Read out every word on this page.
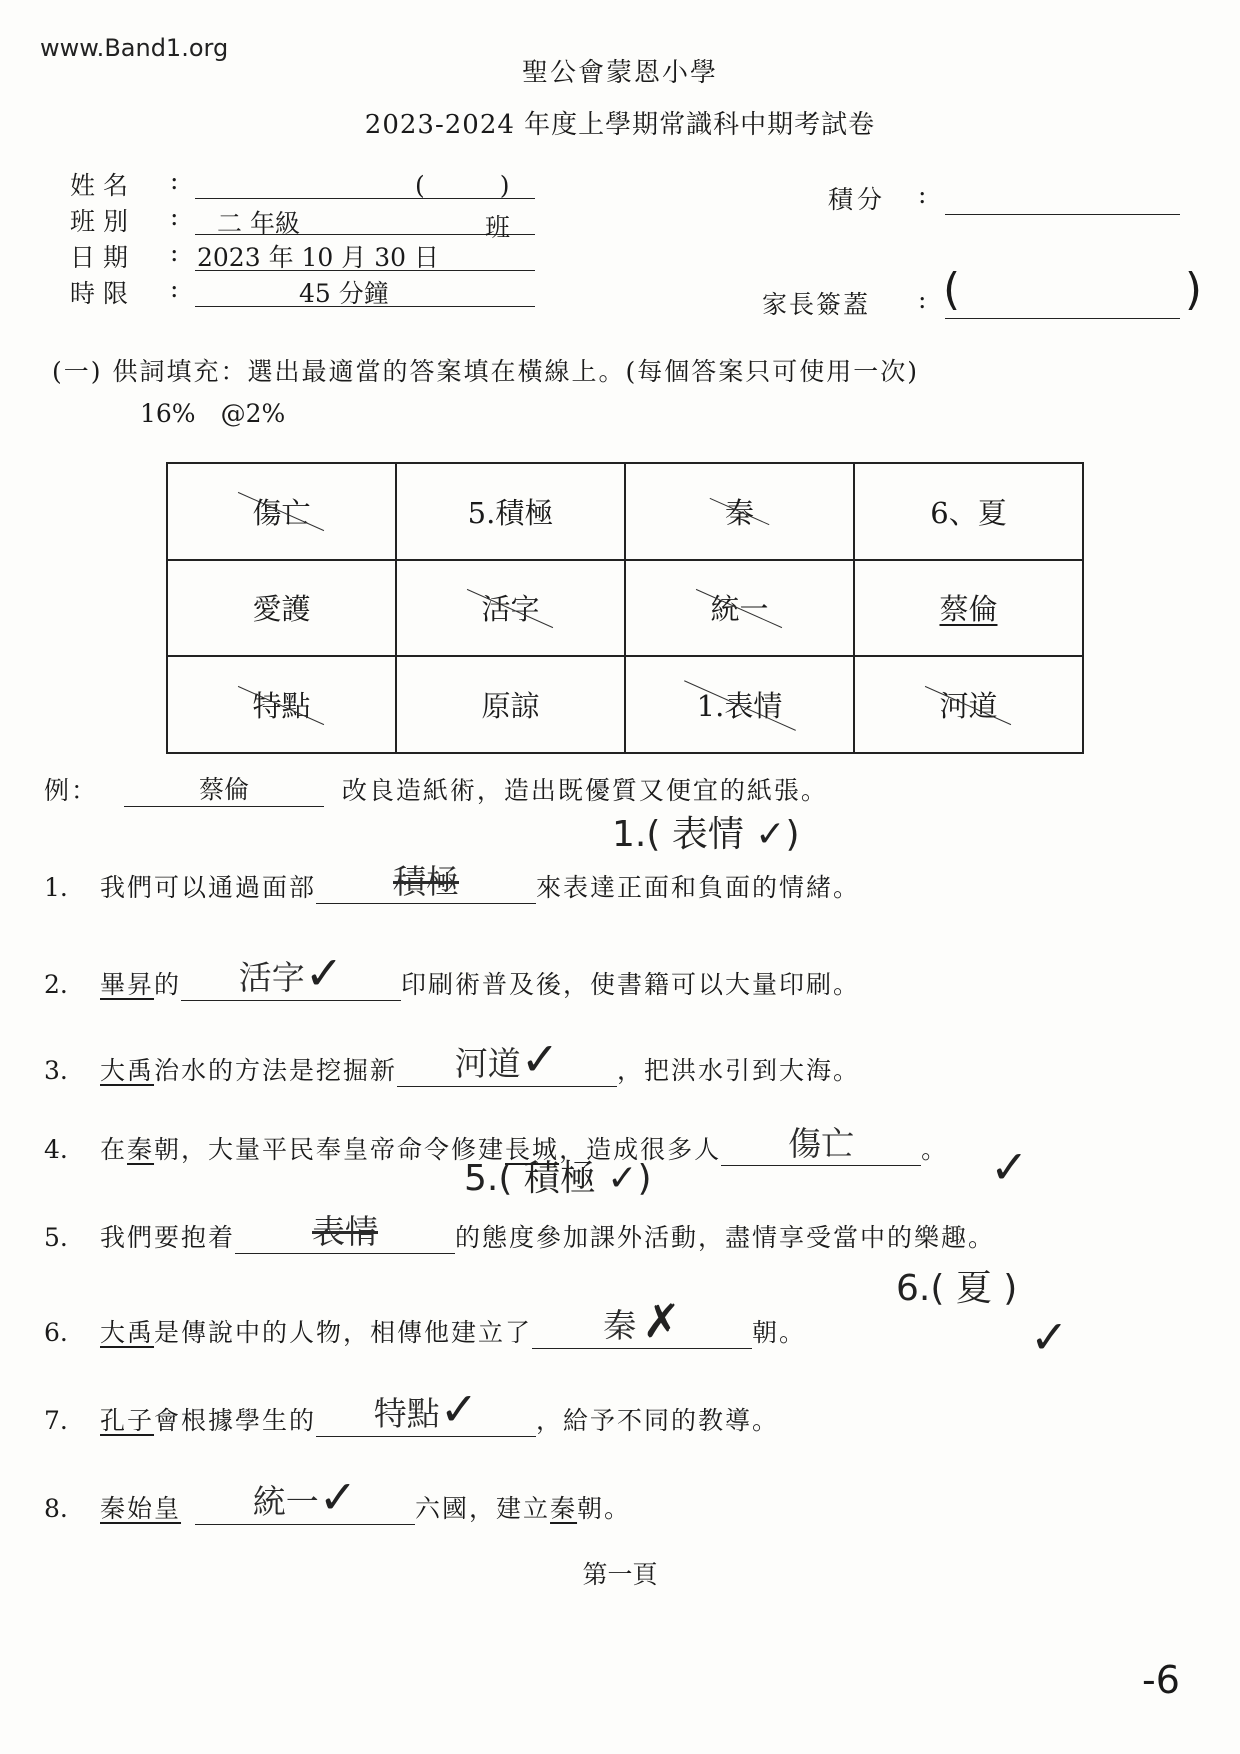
www.Band1.org
聖公會蒙恩小學
2023-2024 年度上學期常識科中期考試卷
姓名 :	(　　　)
班別 : 二 年級	班
日期 : 2023 年 10 月 30 日
時限 :	45 分鐘
積分 :
家長簽蓋 : (	)
(一) 供詞填充：選出最適當的答案填在橫線上。(每個答案只可使用一次)
16%　@2%
傷亡	5.積極	秦	6、夏
愛護	活字	統一	蔡倫
特點	原諒	1.表情	河道
例：	蔡倫	改良造紙術，造出既優質又便宜的紙張。
1.( 表情 ✓)
1. 我們可以通過面部 積極	來表達正面和負面的情緒。
2. 畢昇的 活字✓ 印刷術普及後，使書籍可以大量印刷。
3. 大禹治水的方法是挖掘新 河道✓ ，把洪水引到大海。
4. 在秦朝，大量平民奉皇帝命令修建長城，造成很多人 傷亡	。 ✓
5.( 積極 ✓)
5. 我們要抱着 表情	的態度參加課外活動，盡情享受當中的樂趣。
6.( 夏 )
6. 大禹是傳說中的人物，相傳他建立了 秦 ✗	朝。	✓
7. 孔子會根據學生的 特點✓ ，給予不同的教導。
8. 秦始皇 統一✓ 六國，建立秦朝。
第一頁
-6
